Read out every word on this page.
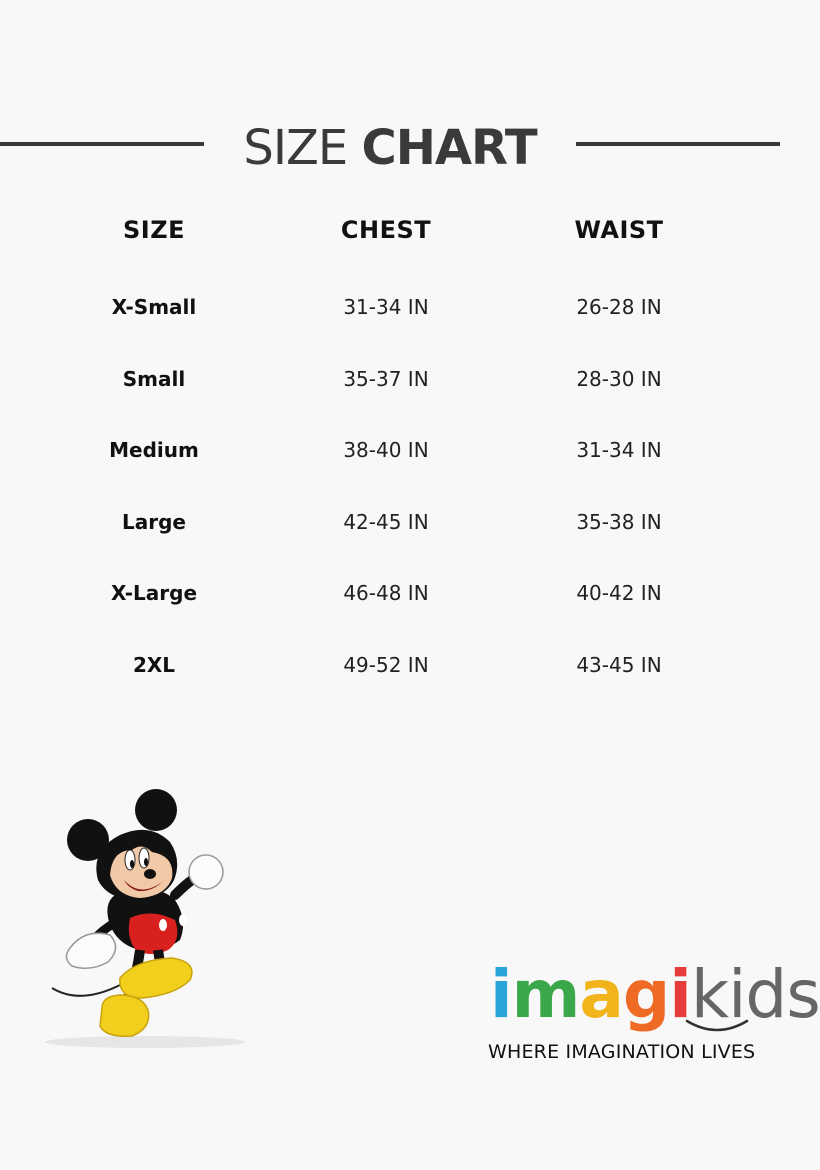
SIZE CHART
SIZE	CHEST	WAIST
X-Small	31-34 IN	26-28 IN
Small	35-37 IN	28-30 IN
Medium	38-40 IN	31-34 IN
Large	42-45 IN	35-38 IN
X-Large	46-48 IN	40-42 IN
2XL	49-52 IN	43-45 IN
imagikids
WHERE IMAGINATION LIVES
